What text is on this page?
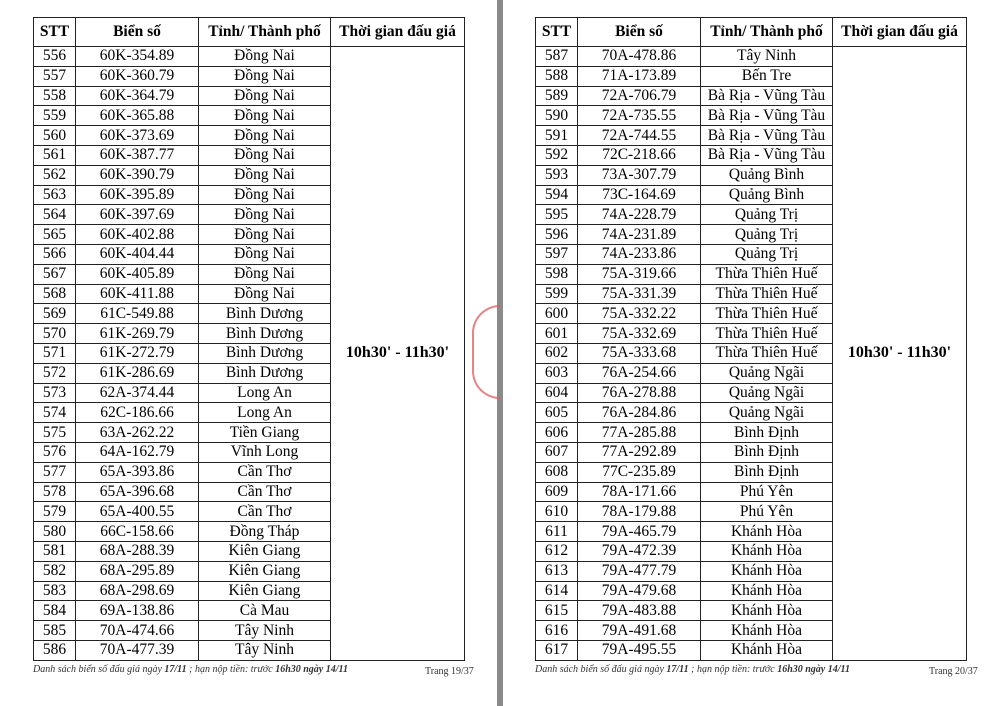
STT	Biển số	Tỉnh/ Thành phố	Thời gian đấu giá
556	60K-354.89	Đồng Nai	10h30' - 11h30'
557	60K-360.79	Đồng Nai	
558	60K-364.79	Đồng Nai	
559	60K-365.88	Đồng Nai	
560	60K-373.69	Đồng Nai	
561	60K-387.77	Đồng Nai	
562	60K-390.79	Đồng Nai	
563	60K-395.89	Đồng Nai	
564	60K-397.69	Đồng Nai	
565	60K-402.88	Đồng Nai	
566	60K-404.44	Đồng Nai	
567	60K-405.89	Đồng Nai	
568	60K-411.88	Đồng Nai	
569	61C-549.88	Bình Dương	
570	61K-269.79	Bình Dương	
571	61K-272.79	Bình Dương	
572	61K-286.69	Bình Dương	
573	62A-374.44	Long An	
574	62C-186.66	Long An	
575	63A-262.22	Tiền Giang	
576	64A-162.79	Vĩnh Long	
577	65A-393.86	Cần Thơ	
578	65A-396.68	Cần Thơ	
579	65A-400.55	Cần Thơ	
580	66C-158.66	Đồng Tháp	
581	68A-288.39	Kiên Giang	
582	68A-295.89	Kiên Giang	
583	68A-298.69	Kiên Giang	
584	69A-138.86	Cà Mau	
585	70A-474.66	Tây Ninh	
586	70A-477.39	Tây Ninh	
Danh sách biển số đấu giá ngày 17/11 ; hạn nộp tiền: trước 16h30 ngày 14/11	Trang 19/37
STT	Biển số	Tỉnh/ Thành phố	Thời gian đấu giá
587	70A-478.86	Tây Ninh	10h30' - 11h30'
588	71A-173.89	Bến Tre	
589	72A-706.79	Bà Rịa - Vũng Tàu	
590	72A-735.55	Bà Rịa - Vũng Tàu	
591	72A-744.55	Bà Rịa - Vũng Tàu	
592	72C-218.66	Bà Rịa - Vũng Tàu	
593	73A-307.79	Quảng Bình	
594	73C-164.69	Quảng Bình	
595	74A-228.79	Quảng Trị	
596	74A-231.89	Quảng Trị	
597	74A-233.86	Quảng Trị	
598	75A-319.66	Thừa Thiên Huế	
599	75A-331.39	Thừa Thiên Huế	
600	75A-332.22	Thừa Thiên Huế	
601	75A-332.69	Thừa Thiên Huế	
602	75A-333.68	Thừa Thiên Huế	
603	76A-254.66	Quảng Ngãi	
604	76A-278.88	Quảng Ngãi	
605	76A-284.86	Quảng Ngãi	
606	77A-285.88	Bình Định	
607	77A-292.89	Bình Định	
608	77C-235.89	Bình Định	
609	78A-171.66	Phú Yên	
610	78A-179.88	Phú Yên	
611	79A-465.79	Khánh Hòa	
612	79A-472.39	Khánh Hòa	
613	79A-477.79	Khánh Hòa	
614	79A-479.68	Khánh Hòa	
615	79A-483.88	Khánh Hòa	
616	79A-491.68	Khánh Hòa	
617	79A-495.55	Khánh Hòa	
Danh sách biển số đấu giá ngày 17/11 ; hạn nộp tiền: trước 16h30 ngày 14/11	Trang 20/37
